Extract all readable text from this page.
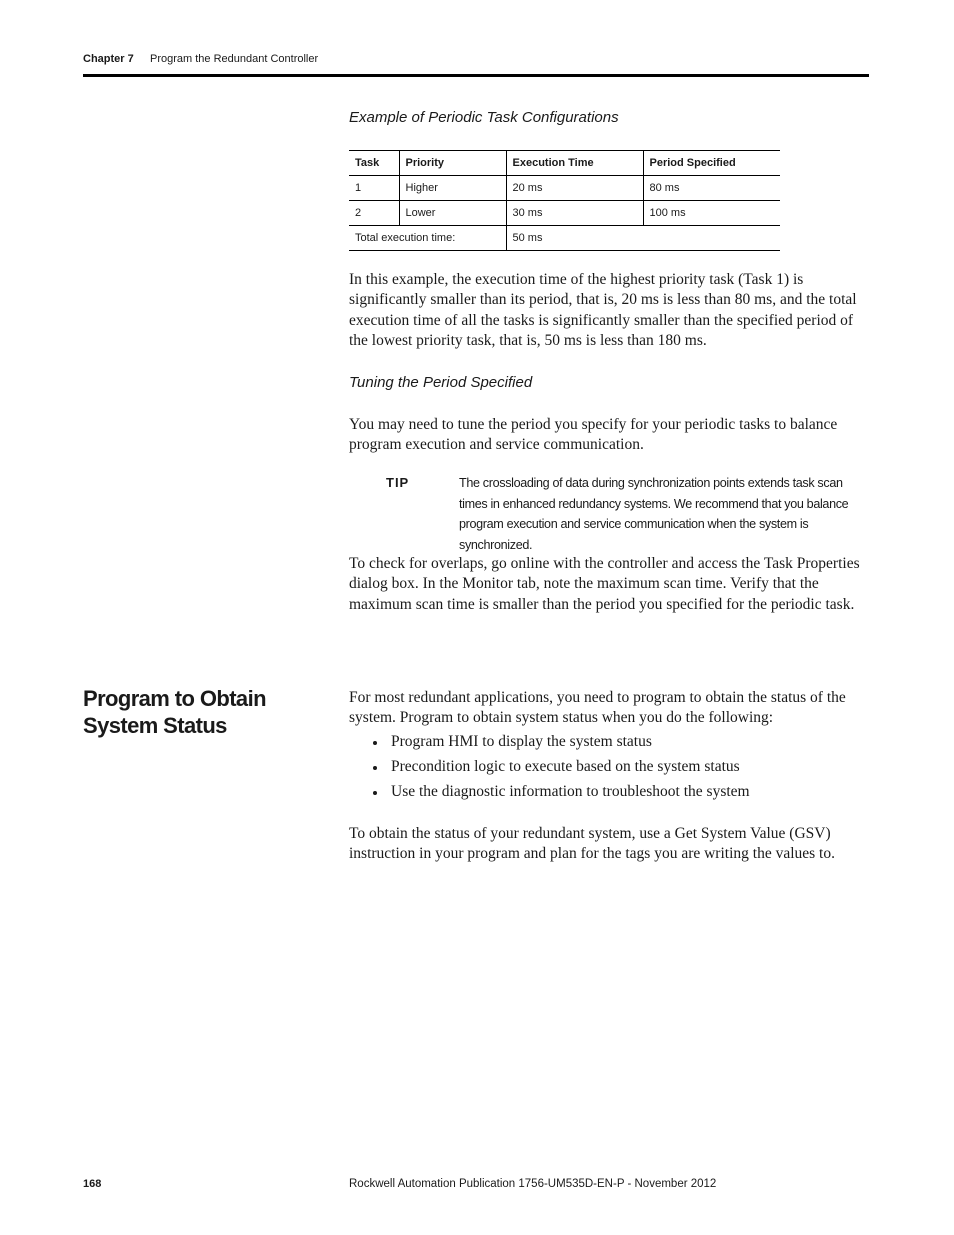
Chapter 7 Program the Redundant Controller
Example of Periodic Task Configurations
Task	Priority	Execution Time	Period Specified
1	Higher	20 ms	80 ms
2	Lower	30 ms	100 ms
Total execution time:		50 ms	

In this example, the execution time of the highest priority task (Task 1) is significantly smaller than its period, that is, 20 ms is less than 80 ms, and the total execution time of all the tasks is significantly smaller than the specified period of the lowest priority task, that is, 50 ms is less than 180 ms.

Tuning the Period Specified

You may need to tune the period you specify for your periodic tasks to balance program execution and service communication.

TIP	The crossloading of data during synchronization points extends task scan times in enhanced redundancy systems. We recommend that you balance program execution and service communication when the system is synchronized.

To check for overlaps, go online with the controller and access the Task Properties dialog box. In the Monitor tab, note the maximum scan time. Verify that the maximum scan time is smaller than the period you specified for the periodic task.

Program to Obtain System Status

For most redundant applications, you need to program to obtain the status of the system. Program to obtain system status when you do the following:

Program HMI to display the system status
Precondition logic to execute based on the system status
Use the diagnostic information to troubleshoot the system

To obtain the status of your redundant system, use a Get System Value (GSV) instruction in your program and plan for the tags you are writing the values to.

168	Rockwell Automation Publication 1756-UM535D-EN-P - November 2012
